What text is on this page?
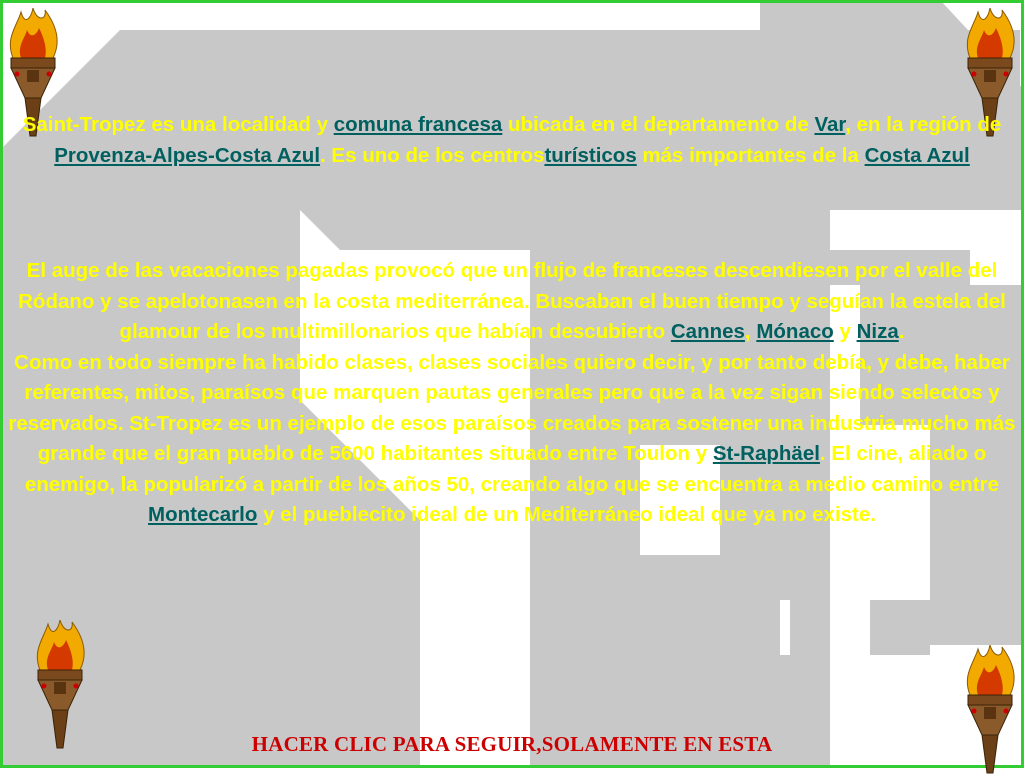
Saint-Tropez es una localidad y comuna francesa ubicada en el departamento de Var, en la región de Provenza-Alpes-Costa Azul. Es uno de los centrosturísticos más importantes de la Costa Azul
El auge de las vacaciones pagadas provocó que un flujo de franceses descendiesen por el valle del Ródano y se apelotonasen en la costa mediterránea. Buscaban el buen tiempo y seguían la estela del glamour de los multimillonarios que habían descubierto Cannes, Mónaco y Niza.
Como en todo siempre ha habido clases, clases sociales quiero decir, y por tanto debía, y debe, haber referentes, mitos, paraísos que marquen pautas generales pero que a la vez sigan siendo selectos y reservados. St-Tropez es un ejemplo de esos paraísos creados para sostener una industria mucho más grande que el gran pueblo de 5600 habitantes situado entre Toulon y St-Raphäel. El cine, aliado o enemigo, la popularizó a partir de los años 50, creando algo que se encuentra a medio camino entre Montecarlo y el pueblecito ideal de un Mediterráneo ideal que ya no existe.
HACER CLIC PARA SEGUIR,SOLAMENTE EN ESTA
